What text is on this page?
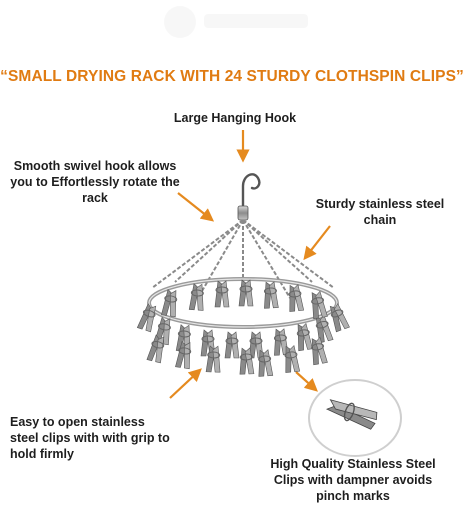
“SMALL DRYING RACK WITH 24 STURDY CLOTHSPIN CLIPS”
Large Hanging Hook
Smooth swivel hook allows you to Effortlessly rotate the rack	Sturdy stainless steel chain
Easy to open stainless steel clips with with grip to hold firmly
High Quality Stainless Steel Clips with dampner avoids pinch marks
